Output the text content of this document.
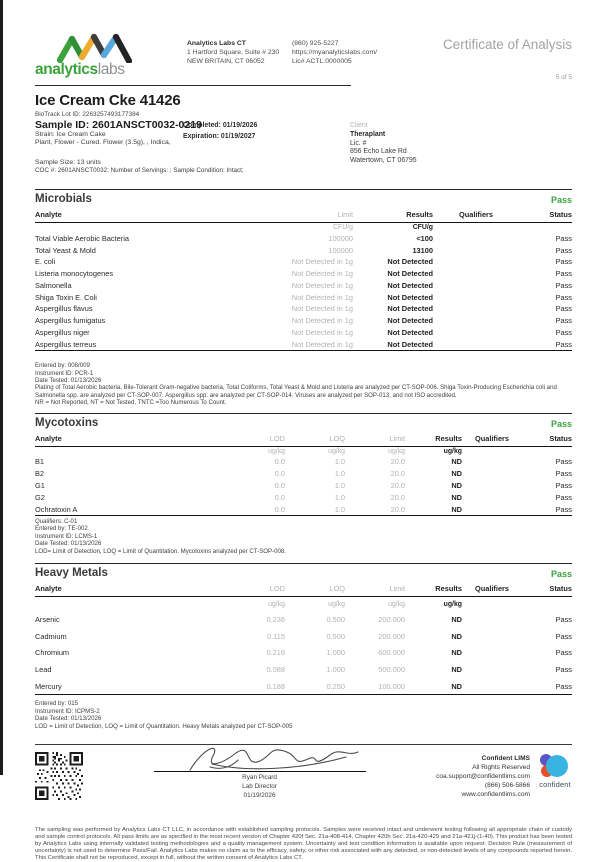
analyticslabs
Analytics Labs CT
1 Hartford Square, Suite # 230
NEW BRITAIN, CT 06052
(860) 925-5227
https://myanalyticslabs.com/
Lic# ACTL.0000005
Certificate of Analysis
5 of 5
Ice Cream Cke 41426
BioTrack Lot ID: 2263257493177384
Sample ID: 2601ANSCT0032-0219
Strain: Ice Cream Cake
Plant, Flower - Cured. Flower (3.5g), , Indica,
Sample Size: 13 units
COC #: 2601ANSCT0032; Number of Servings: ; Sample Condition: Intact;
Completed: 01/19/2026
Expiration: 01/19/2027
Client
Theraplant
Lic. #
856 Echo Lake Rd
Watertown, CT 06795
Microbials	Pass
Analyte	Limit	Results	Qualifiers	Status
	CFU/g	CFU/g		
Total Viable Aerobic Bacteria	100000	<100		Pass
Total Yeast & Mold	100000	13100		Pass
E. coli	Not Detected in 1g	Not Detected		Pass
Listeria monocytogenes	Not Detected in 1g	Not Detected		Pass
Salmonella	Not Detected in 1g	Not Detected		Pass
Shiga Toxin E. Coli	Not Detected in 1g	Not Detected		Pass
Aspergillus flavus	Not Detected in 1g	Not Detected		Pass
Aspergillus fumigatus	Not Detected in 1g	Not Detected		Pass
Aspergillus niger	Not Detected in 1g	Not Detected		Pass
Aspergillus terreus	Not Detected in 1g	Not Detected		Pass
Entered by: 008/009
Instrument ID: PCR-1
Date Tested: 01/13/2026
Plating of Total Aerobic bacteria, Bile-Tolerant Gram-negative bacteria, Total Coliforms, Total Yeast & Mold and Listeria are analyzed per CT-SOP-006. Shiga Toxin-Producing Escherichia coli and Salmonella spp. are analyzed per CT-SOP-007. Aspergillus spp. are analyzed per CT-SOP-014. Viruses are analyzed per SOP-013, and not ISO accredited.
NR = Not Reported, NT = Not Tested, TNTC =Too Numerous To Count.
Mycotoxins	Pass
Analyte	LOD	LOQ	Limit	Results	Qualifiers	Status
	ug/kg	ug/kg	ug/kg	ug/kg		
B1	0.0	1.0	20.0	ND		Pass
B2	0.0	1.0	20.0	ND		Pass
G1	0.0	1.0	20.0	ND		Pass
G2	0.0	1.0	20.0	ND		Pass
Ochratoxin A	0.0	1.0	20.0	ND		Pass
Qualifiers: C-01
Entered by: TE-002
Instrument ID: LCMS-1
Date Tested: 01/13/2026
LOD= Limit of Detection, LOQ = Limit of Quantitation. Mycotoxins analyzed per CT-SOP-008.
Heavy Metals	Pass
Analyte	LOD	LOQ	Limit	Results	Qualifiers	Status
	ug/kg	ug/kg	ug/kg	ug/kg		
Arsenic	0.236	0.500	200.000	ND		Pass
Cadmium	0.115	0.500	200.000	ND		Pass
Chromium	0.216	1.000	600.000	ND		Pass
Lead	0.088	1.000	500.000	ND		Pass
Mercury	0.188	0.250	100.000	ND		Pass
Entered by: 015
Instrument ID: ICPMS-2
Date Tested: 01/13/2026
LOD = Limit of Detection, LOQ = Limit of Quantitation. Heavy Metals analyzed per CT-SOP-005
Ryan Picard
Lab Director
01/19/2026
Confident LIMS
All Rights Reserved
coa.support@confidentlims.com
(866) 506-5866
www.confidentlims.com
confident
The sampling was performed by Analytics Labs CT LLC, in accordance with established sampling protocols. Samples were received intact and underwent testing following all appropriate chain of custody and sample control protocols. All pass limits are as specified in the most recent version of Chapter 420f Sec. 21a-408-414, Chapter 420h Sec. 21a-420-429 and 21a-421j-(1-40). This product has been tested by Analytics Labs using internally validated testing methodologies and a quality management system. Uncertainty and test condition information is available upon request. Decision Rule (measurement of uncertainty) is not used to determine Pass/Fail. Analytics Labs makes no claim as to the efficacy, safety, or other risk associated with any detected, or non-detected levels of any compounds reported herein. This Certificate shall not be reproduced, except in full, without the written consent of Analytics Labs CT.
